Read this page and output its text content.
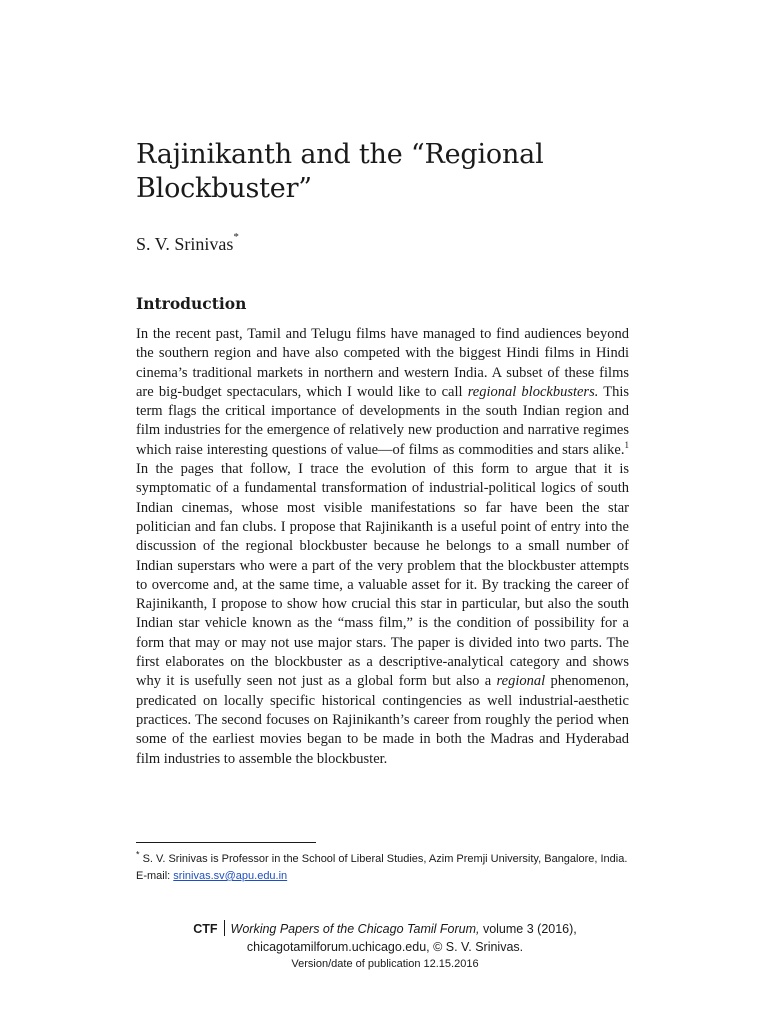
Rajinikanth and the “Regional Blockbuster”
S. V. Srinivas*
Introduction

In the recent past, Tamil and Telugu films have managed to find audiences beyond the southern region and have also competed with the biggest Hindi films in Hindi cinema’s traditional markets in northern and western India. A subset of these films are big-budget spectaculars, which I would like to call regional blockbusters. This term flags the critical importance of developments in the south Indian region and film industries for the emergence of relatively new production and narrative regimes which raise interesting questions of value—of films as commodities and stars alike.$^1$ In the pages that follow, I trace the evolution of this form to argue that it is symptomatic of a fundamental transformation of industrial-political logics of south Indian cinemas, whose most visible manifestations so far have been the star politician and fan clubs. I propose that Rajinikanth is a useful point of entry into the discussion of the regional blockbuster because he belongs to a small number of Indian superstars who were a part of the very problem that the blockbuster attempts to overcome and, at the same time, a valuable asset for it. By tracking the career of Rajinikanth, I propose to show how crucial this star in particular, but also the south Indian star vehicle known as the “mass film,” is the condition of possibility for a form that may or may not use major stars. The paper is divided into two parts. The first elaborates on the blockbuster as a descriptive-analytical category and shows why it is usefully seen not just as a global form but also a regional phenomenon, predicated on locally specific historical contingencies as well industrial-aesthetic practices. The second focuses on Rajinikanth’s career from roughly the period when some of the earliest movies began to be made in both the Madras and Hyderabad film industries to assemble the blockbuster.

* S. V. Srinivas is Professor in the School of Liberal Studies, Azim Premji University, Bangalore, India. E-mail: srinivas.sv@apu.edu.in
CTF Working Papers of the Chicago Tamil Forum, volume 3 (2016),
chicagotamilforum.uchicago.edu, © S. V. Srinivas.
Version/date of publication 12.15.2016
